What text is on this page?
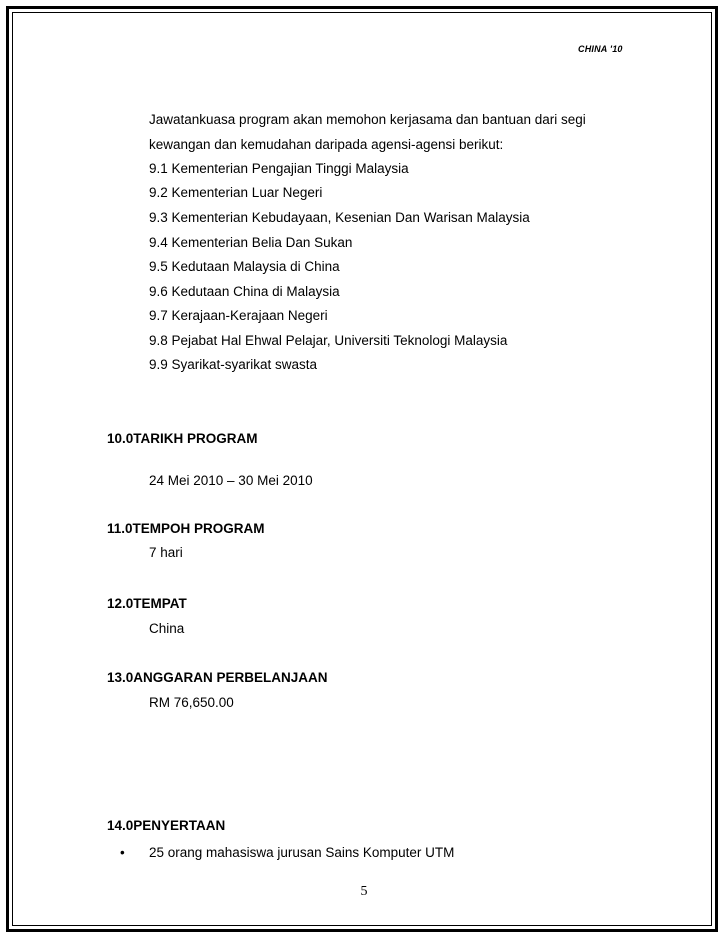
CHINA '10
Jawatankuasa program akan memohon kerjasama dan bantuan dari segi
kewangan dan kemudahan daripada agensi-agensi berikut:
9.1 Kementerian Pengajian Tinggi Malaysia
9.2 Kementerian Luar Negeri
9.3 Kementerian Kebudayaan, Kesenian Dan Warisan Malaysia
9.4 Kementerian Belia Dan Sukan
9.5 Kedutaan Malaysia di China
9.6 Kedutaan China di Malaysia
9.7 Kerajaan-Kerajaan Negeri
9.8 Pejabat Hal Ehwal Pelajar, Universiti Teknologi Malaysia
9.9 Syarikat-syarikat swasta
10.0TARIKH PROGRAM
24 Mei 2010 – 30 Mei 2010
11.0TEMPOH PROGRAM
7 hari
12.0TEMPAT
China
13.0ANGGARAN PERBELANJAAN
RM 76,650.00
14.0PENYERTAAN
• 25 orang mahasiswa jurusan Sains Komputer UTM
5
